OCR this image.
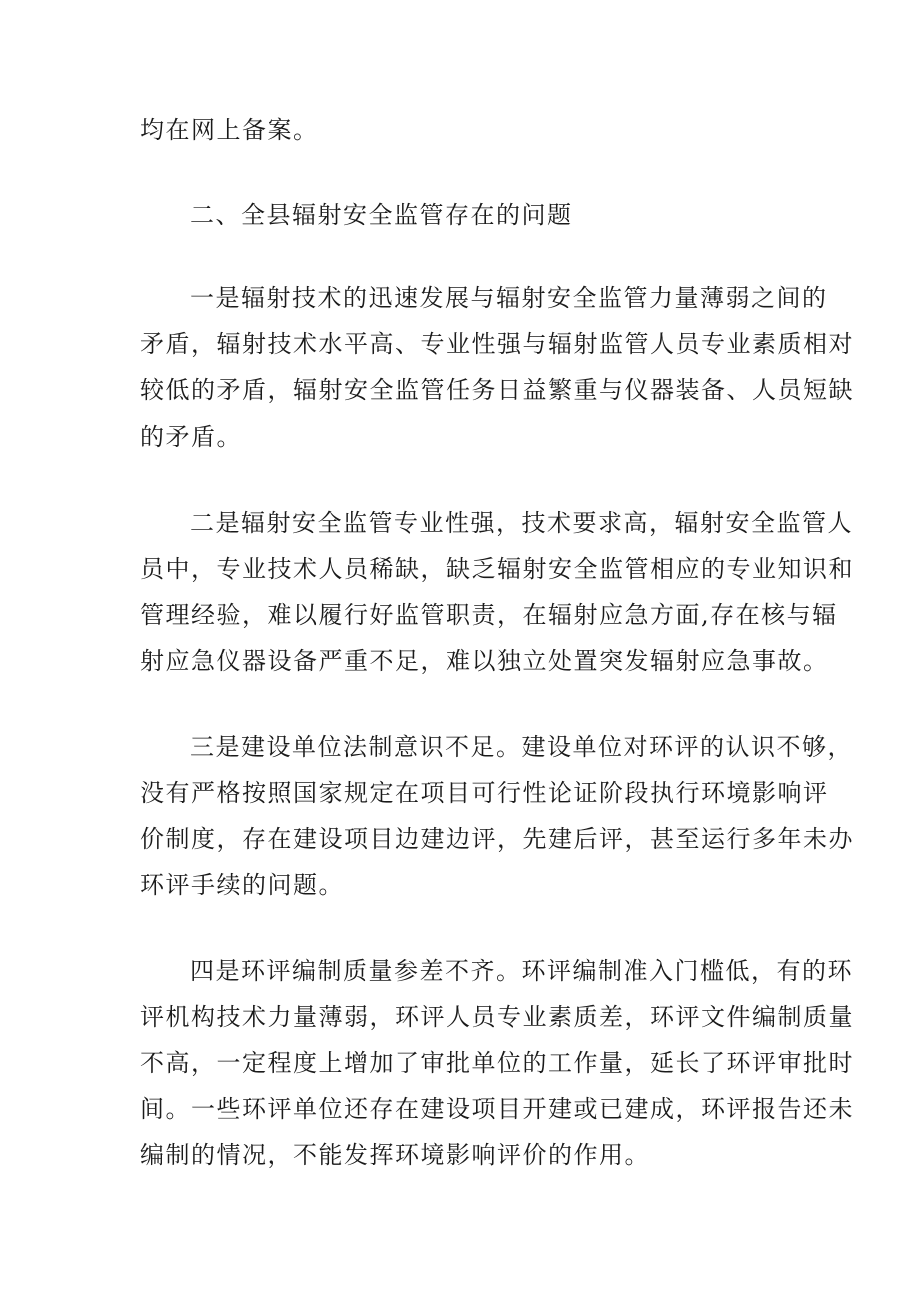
均在网上备案。
二、全县辐射安全监管存在的问题
一是辐射技术的迅速发展与辐射安全监管力量薄弱之间的
矛盾，辐射技术水平高、专业性强与辐射监管人员专业素质相对
较低的矛盾，辐射安全监管任务日益繁重与仪器装备、人员短缺
的矛盾。
二是辐射安全监管专业性强，技术要求高，辐射安全监管人
员中，专业技术人员稀缺，缺乏辐射安全监管相应的专业知识和
管理经验，难以履行好监管职责，在辐射应急方面,存在核与辐
射应急仪器设备严重不足，难以独立处置突发辐射应急事故。
三是建设单位法制意识不足。建设单位对环评的认识不够，
没有严格按照国家规定在项目可行性论证阶段执行环境影响评
价制度，存在建设项目边建边评，先建后评，甚至运行多年未办
环评手续的问题。
四是环评编制质量参差不齐。环评编制准入门槛低，有的环
评机构技术力量薄弱，环评人员专业素质差，环评文件编制质量
不高，一定程度上增加了审批单位的工作量，延长了环评审批时
间。一些环评单位还存在建设项目开建或已建成，环评报告还未
编制的情况，不能发挥环境影响评价的作用。
